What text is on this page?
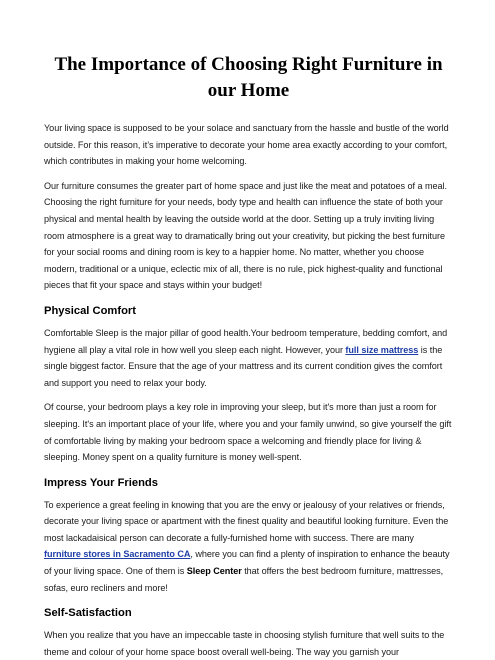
The Importance of Choosing Right Furniture in our Home

Your living space is supposed to be your solace and sanctuary from the hassle and bustle of the world outside. For this reason, it’s imperative to decorate your home area exactly according to your comfort, which contributes in making your home welcoming.

Our furniture consumes the greater part of home space and just like the meat and potatoes of a meal. Choosing the right furniture for your needs, body type and health can influence the state of both your physical and mental health by leaving the outside world at the door. Setting up a truly inviting living room atmosphere is a great way to dramatically bring out your creativity, but picking the best furniture for your social rooms and dining room is key to a happier home. No matter, whether you choose modern, traditional or a unique, eclectic mix of all, there is no rule, pick highest-quality and functional pieces that fit your space and stays within your budget!

Physical Comfort

Comfortable Sleep is the major pillar of good health.Your bedroom temperature, bedding comfort, and hygiene all play a vital role in how well you sleep each night. However, your full size mattress is the single biggest factor. Ensure that the age of your mattress and its current condition gives the comfort and support you need to relax your body.

Of course, your bedroom plays a key role in improving your sleep, but it's more than just a room for sleeping. It's an important place of your life, where you and your family unwind, so give yourself the gift of comfortable living by making your bedroom space a welcoming and friendly place for living & sleeping. Money spent on a quality furniture is money well-spent.

Impress Your Friends

To experience a great feeling in knowing that you are the envy or jealousy of your relatives or friends, decorate your living space or apartment with the finest quality and beautiful looking furniture. Even the most lackadaisical person can decorate a fully-furnished home with success. There are many furniture stores in Sacramento CA, where you can find a plenty of inspiration to enhance the beauty of your living space. One of them is Sleep Center that offers the best bedroom furniture, mattresses, sofas, euro recliners and more!

Self-Satisfaction

When you realize that you have an impeccable taste in choosing stylish furniture that well suits to the theme and colour of your home space boost overall well-being. The way you garnish your
